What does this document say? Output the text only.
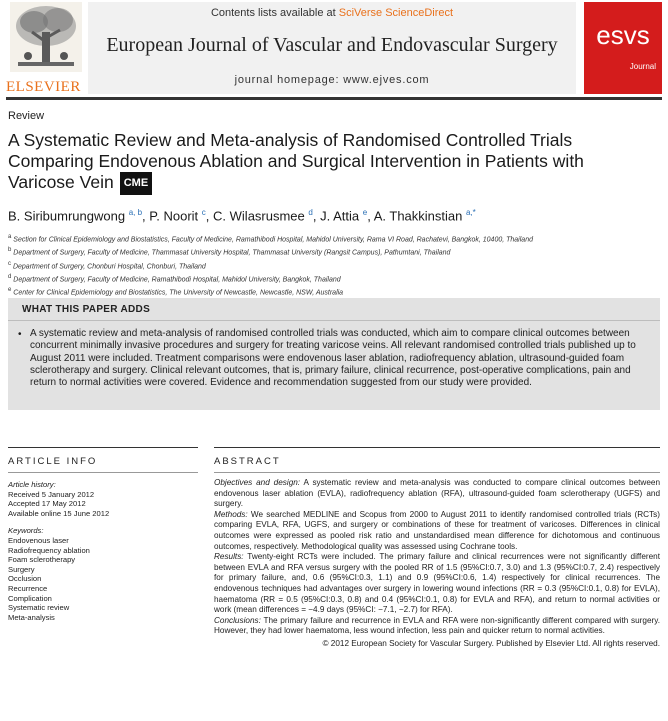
ELSEVIER
Contents lists available at SciVerse ScienceDirect
European Journal of Vascular and Endovascular Surgery
journal homepage: www.ejves.com
esvs
Journal
Review
A Systematic Review and Meta-analysis of Randomised Controlled Trials Comparing Endovenous Ablation and Surgical Intervention in Patients with Varicose Vein CME
B. Siribumrungwong $^{a, b}$, P. Noorit $^c$, C. Wilasrusmee $^d$, J. Attia $^e$, A. Thakkinstian $^{a,*}$
$^a$ Section for Clinical Epidemiology and Biostatistics, Faculty of Medicine, Ramathibodi Hospital, Mahidol University, Rama VI Road, Rachatevi, Bangkok, 10400, Thailand
$^b$ Department of Surgery, Faculty of Medicine, Thammasat University Hospital, Thammasat University (Rangsit Campus), Pathumtani, Thailand
$^c$ Department of Surgery, Chonburi Hospital, Chonburi, Thailand
$^d$ Department of Surgery, Faculty of Medicine, Ramathibodi Hospital, Mahidol University, Bangkok, Thailand
$^e$ Center for Clinical Epidemiology and Biostatistics, The University of Newcastle, Newcastle, NSW, Australia
WHAT THIS PAPER ADDS
• A systematic review and meta-analysis of randomised controlled trials was conducted, which aim to compare clinical outcomes between concurrent minimally invasive procedures and surgery for treating varicose veins. All relevant randomised controlled trials published up to August 2011 were included. Treatment comparisons were endovenous laser ablation, radiofrequency ablation, ultrasound-guided foam sclerotherapy and surgery. Clinical relevant outcomes, that is, primary failure, clinical recurrence, post-operative complications, pain and return to normal activities were covered. Evidence and recommendation suggested from our study were provided.
ARTICLE INFO	ABSTRACT
Article history:
Received 5 January 2012
Accepted 17 May 2012
Available online 15 June 2012
Keywords:
Endovenous laser
Radiofrequency ablation
Foam sclerotherapy
Surgery
Occlusion
Recurrence
Complication
Systematic review
Meta-analysis
Objectives and design: A systematic review and meta-analysis was conducted to compare clinical outcomes between endovenous laser ablation (EVLA), radiofrequency ablation (RFA), ultrasound-guided foam sclerotherapy (UGFS) and surgery.
Methods: We searched MEDLINE and Scopus from 2000 to August 2011 to identify randomised controlled trials (RCTs) comparing EVLA, RFA, UGFS, and surgery or combinations of these for treatment of varicoses. Differences in clinical outcomes were expressed as pooled risk ratio and unstandardised mean difference for dichotomous and continuous outcomes, respectively. Methodological quality was assessed using Cochrane tools.
Results: Twenty-eight RCTs were included. The primary failure and clinical recurrences were not significantly different between EVLA and RFA versus surgery with the pooled RR of 1.5 (95%CI:0.7, 3.0) and 1.3 (95%CI:0.7, 2.4) respectively for primary failure, and, 0.6 (95%CI:0.3, 1.1) and 0.9 (95%CI:0.6, 1.4) respectively for clinical recurrences. The endovenous techniques had advantages over surgery in lowering wound infections (RR = 0.3 (95%CI:0.1, 0.8) for EVLA), haematoma (RR = 0.5 (95%CI:0.3, 0.8) and 0.4 (95%CI:0.1, 0.8) for EVLA and RFA), and return to normal activities or work (mean differences = −4.9 days (95%CI: −7.1, −2.7) for RFA).
Conclusions: The primary failure and recurrence in EVLA and RFA were non-significantly different compared with surgery. However, they had lower haematoma, less wound infection, less pain and quicker return to normal activities.
© 2012 European Society for Vascular Surgery. Published by Elsevier Ltd. All rights reserved.
